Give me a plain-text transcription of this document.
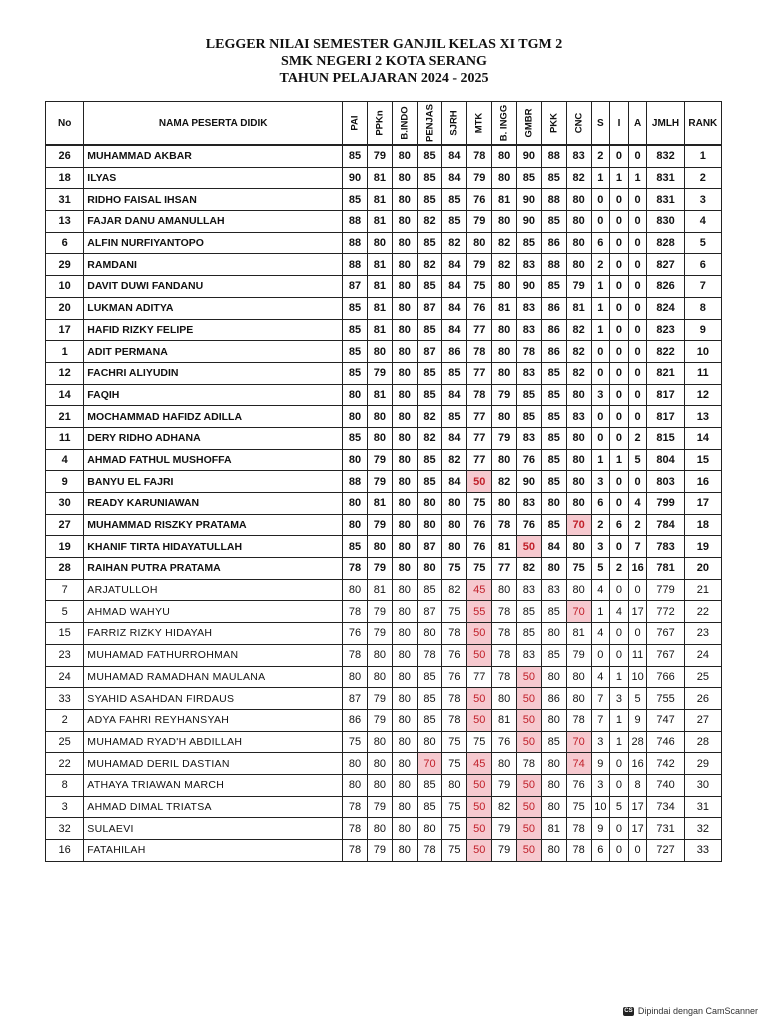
LEGGER NILAI SEMESTER GANJIL KELAS XI TGM 2
SMK NEGERI 2 KOTA SERANG
TAHUN PELAJARAN 2024 - 2025
No	NAMA PESERTA DIDIK	PAI	PPKn	B.INDO	PENJAS	SJRH	MTK	B. INGG	GMBR	PKK	CNC	S	I	A	JMLH	RANK
26	MUHAMMAD AKBAR	85	79	80	85	84	78	80	90	88	83	2	0	0	832	1
18	ILYAS	90	81	80	85	84	79	80	85	85	82	1	1	1	831	2
31	RIDHO FAISAL IHSAN	85	81	80	85	85	76	81	90	88	80	0	0	0	831	3
13	FAJAR DANU AMANULLAH	88	81	80	82	85	79	80	90	85	80	0	0	0	830	4
6	ALFIN NURFIYANTOPO	88	80	80	85	82	80	82	85	86	80	6	0	0	828	5
29	RAMDANI	88	81	80	82	84	79	82	83	88	80	2	0	0	827	6
10	DAVIT DUWI FANDANU	87	81	80	85	84	75	80	90	85	79	1	0	0	826	7
20	LUKMAN ADITYA	85	81	80	87	84	76	81	83	86	81	1	0	0	824	8
17	HAFID RIZKY FELIPE	85	81	80	85	84	77	80	83	86	82	1	0	0	823	9
1	ADIT PERMANA	85	80	80	87	86	78	80	78	86	82	0	0	0	822	10
12	FACHRI ALIYUDIN	85	79	80	85	85	77	80	83	85	82	0	0	0	821	11
14	FAQIH	80	81	80	85	84	78	79	85	85	80	3	0	0	817	12
21	MOCHAMMAD HAFIDZ ADILLA	80	80	80	82	85	77	80	85	85	83	0	0	0	817	13
11	DERY RIDHO ADHANA	85	80	80	82	84	77	79	83	85	80	0	0	2	815	14
4	AHMAD FATHUL MUSHOFFA	80	79	80	85	82	77	80	76	85	80	1	1	5	804	15
9	BANYU EL FAJRI	88	79	80	85	84	50	82	90	85	80	3	0	0	803	16
30	READY KARUNIAWAN	80	81	80	80	80	75	80	83	80	80	6	0	4	799	17
27	MUHAMMAD RISZKY PRATAMA	80	79	80	80	80	76	78	76	85	70	2	6	2	784	18
19	KHANIF TIRTA HIDAYATULLAH	85	80	80	87	80	76	81	50	84	80	3	0	7	783	19
28	RAIHAN PUTRA PRATAMA	78	79	80	80	75	75	77	82	80	75	5	2	16	781	20
7	ARJATULLOH	80	81	80	85	82	45	80	83	83	80	4	0	0	779	21
5	AHMAD WAHYU	78	79	80	87	75	55	78	85	85	70	1	4	17	772	22
15	FARRIZ RIZKY HIDAYAH	76	79	80	80	78	50	78	85	80	81	4	0	0	767	23
23	MUHAMAD FATHURROHMAN	78	80	80	78	76	50	78	83	85	79	0	0	11	767	24
24	MUHAMAD RAMADHAN MAULANA	80	80	80	85	76	77	78	50	80	80	4	1	10	766	25
33	SYAHID ASAHDAN FIRDAUS	87	79	80	85	78	50	80	50	86	80	7	3	5	755	26
2	ADYA FAHRI REYHANSYAH	86	79	80	85	78	50	81	50	80	78	7	1	9	747	27
25	MUHAMAD RYAD'H ABDILLAH	75	80	80	80	75	75	76	50	85	70	3	1	28	746	28
22	MUHAMAD DERIL DASTIAN	80	80	80	70	75	45	80	78	80	74	9	0	16	742	29
8	ATHAYA TRIAWAN MARCH	80	80	80	85	80	50	79	50	80	76	3	0	8	740	30
3	AHMAD DIMAL TRIATSA	78	79	80	85	75	50	82	50	80	75	10	5	17	734	31
32	SULAEVI	78	80	80	80	75	50	79	50	81	78	9	0	17	731	32
16	FATAHILAH	78	79	80	78	75	50	79	50	80	78	6	0	0	727	33
CS Dipindai dengan CamScanner
